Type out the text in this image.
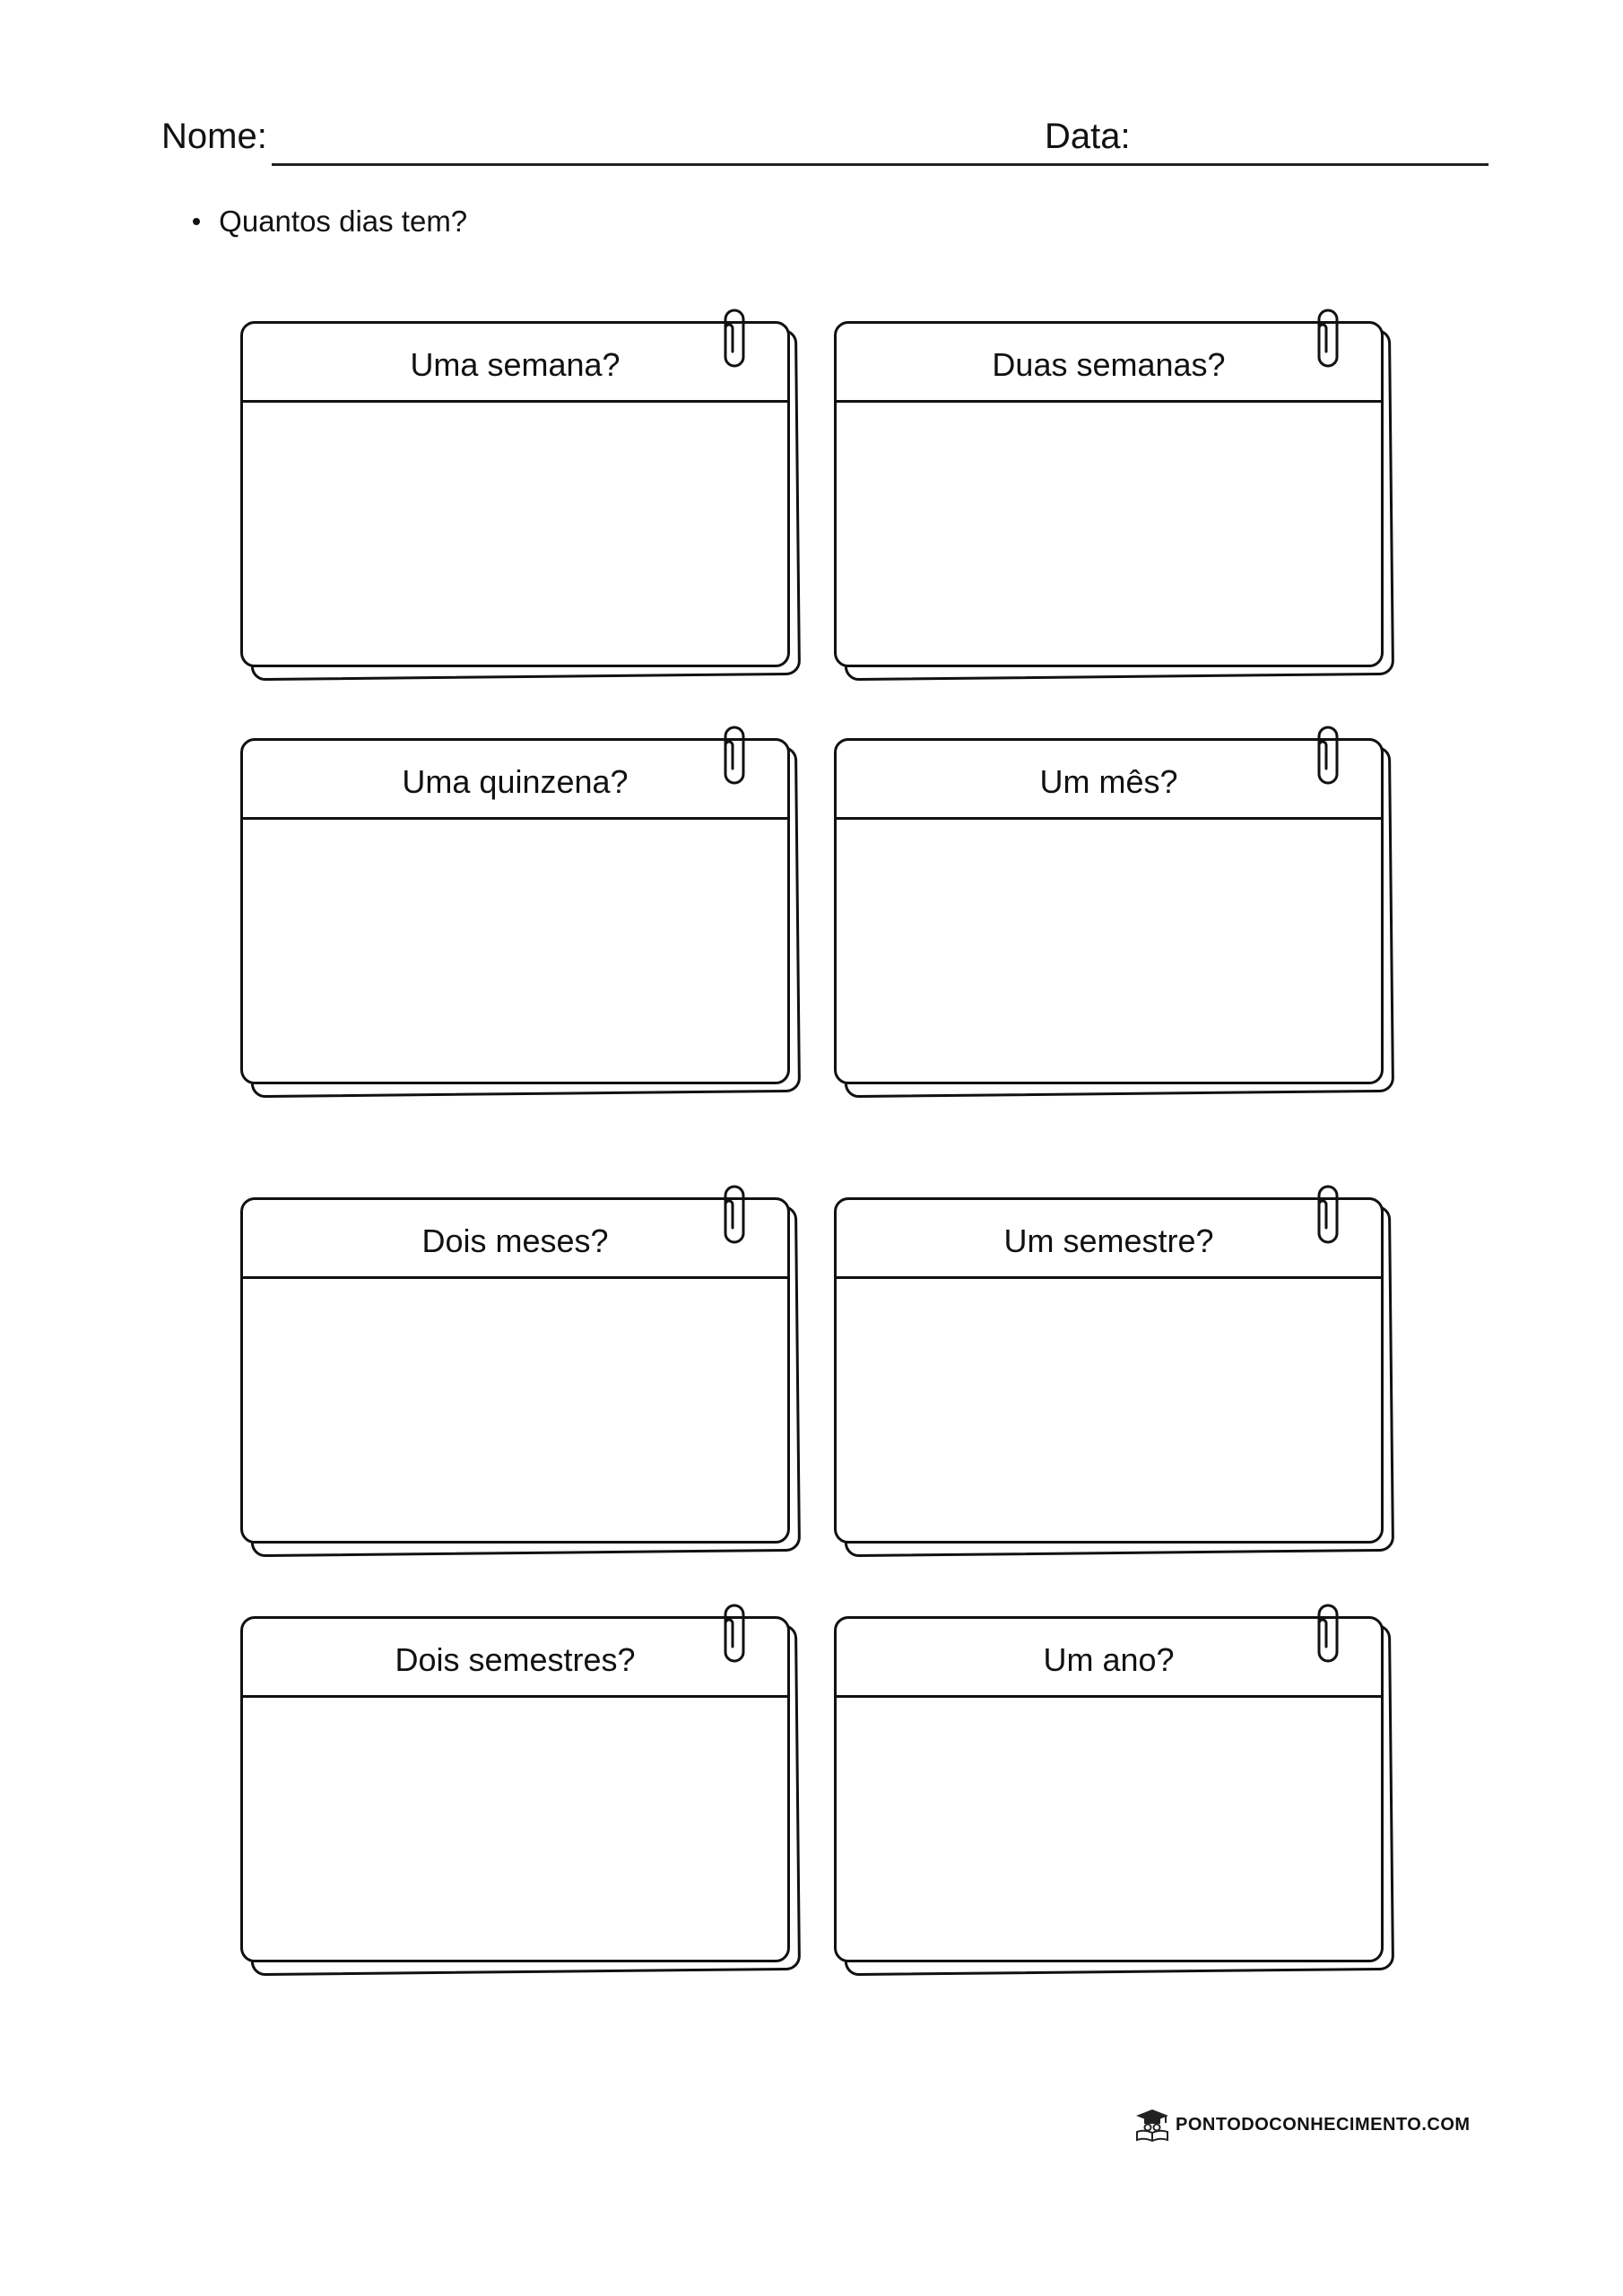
Nome:	Data:
Quantos dias tem?
Uma semana?	Duas semanas?
Uma quinzena?	Um mês?
Dois meses?	Um semestre?
Dois semestres?	Um ano?
PONTODOCONHECIMENTO.COM
